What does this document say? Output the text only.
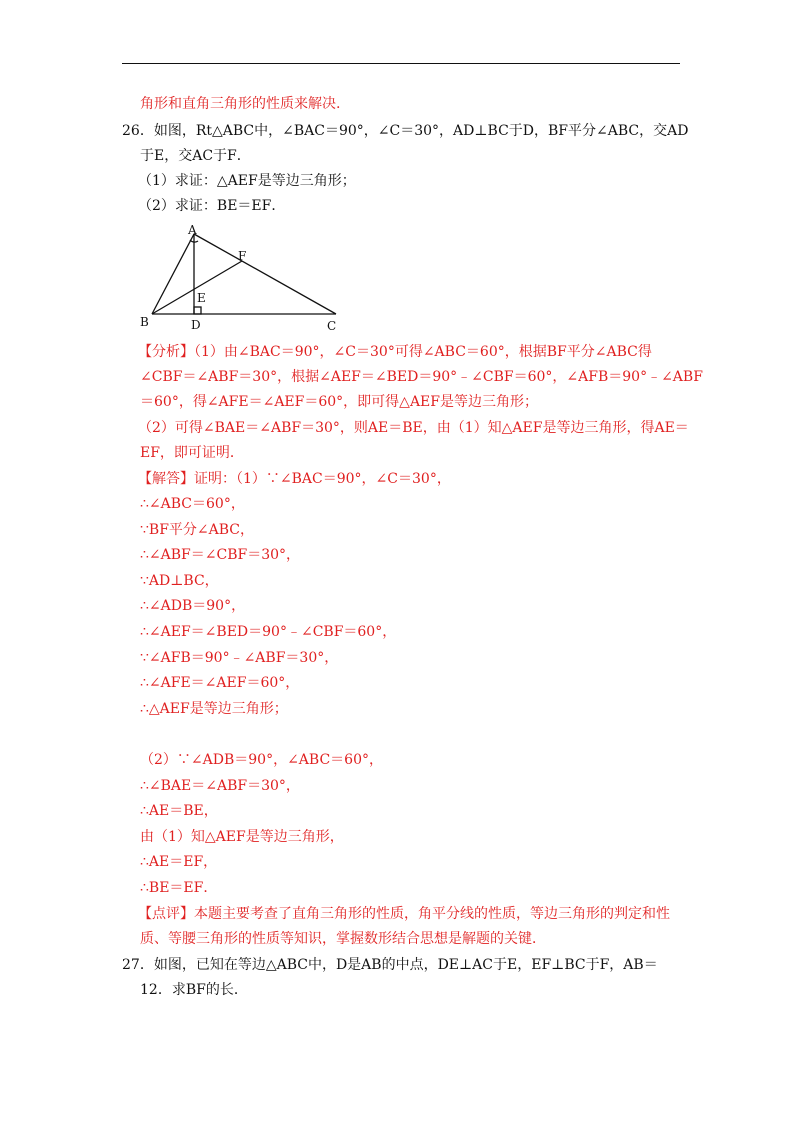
角形和直角三角形的性质来解决.
26．如图，Rt△ABC中，∠BAC＝90°，∠C＝30°，AD⊥BC于D，BF平分∠ABC，交AD
于E，交AC于F．
（1）求证：△AEF是等边三角形；
（2）求证：BE＝EF．
A
B	C
D
E
F
【分析】（1）由∠BAC＝90°，∠C＝30°可得∠ABC＝60°，根据BF平分∠ABC得
∠CBF＝∠ABF＝30°，根据∠AEF＝∠BED＝90°﹣∠CBF＝60°，∠AFB＝90°﹣∠ABF
＝60°，得∠AFE＝∠AEF＝60°，即可得△AEF是等边三角形；
（2）可得∠BAE＝∠ABF＝30°，则AE＝BE，由（1）知△AEF是等边三角形，得AE＝
EF，即可证明．
【解答】证明：（1）∵∠BAC＝90°，∠C＝30°，
∴∠ABC＝60°，
∵BF平分∠ABC，
∴∠ABF＝∠CBF＝30°，
∵AD⊥BC，
∴∠ADB＝90°，
∴∠AEF＝∠BED＝90°﹣∠CBF＝60°，
∵∠AFB＝90°﹣∠ABF＝30°，
∴∠AFE＝∠AEF＝60°，
∴△AEF是等边三角形；
（2）∵∠ADB＝90°，∠ABC＝60°，
∴∠BAE＝∠ABF＝30°，
∴AE＝BE，
由（1）知△AEF是等边三角形，
∴AE＝EF，
∴BE＝EF．
【点评】本题主要考查了直角三角形的性质，角平分线的性质，等边三角形的判定和性
质、等腰三角形的性质等知识，掌握数形结合思想是解题的关键．
27．如图，已知在等边△ABC中，D是AB的中点，DE⊥AC于E，EF⊥BC于F，AB＝
12．求BF的长．
